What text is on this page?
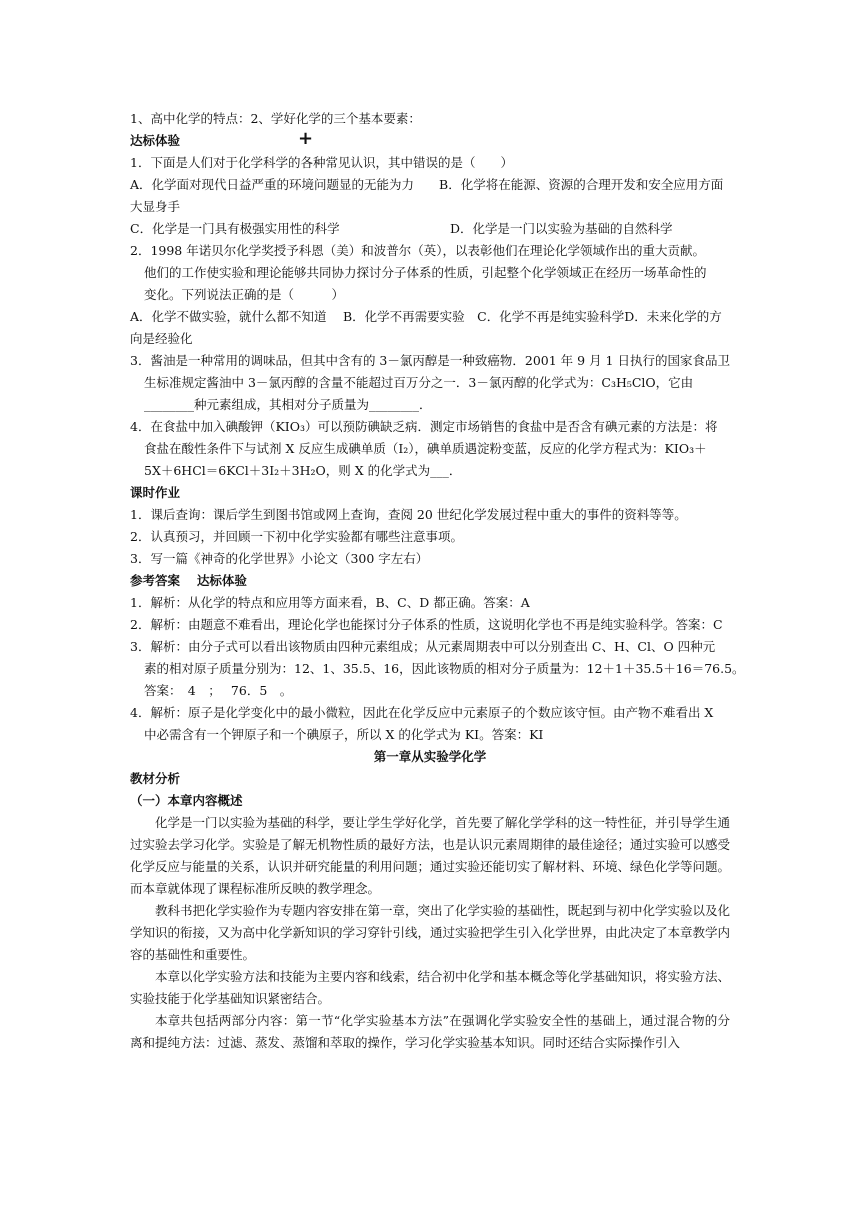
+
1、高中化学的特点：2、学好化学的三个基本要素：
达标体验
1．下面是人们对于化学科学的各种常见认识，其中错误的是（　　）
A．化学面对现代日益严重的环境问题显的无能为力　　B．化学将在能源、资源的合理开发和安全应用方面大显身手
C．化学是一门具有极强实用性的科学	D．化学是一门以实验为基础的自然科学
2．1998 年诺贝尔化学奖授予科恩（美）和波普尔（英），以表彰他们在理论化学领域作出的重大贡献。
他们的工作使实验和理论能够共同协力探讨分子体系的性质，引起整个化学领域正在经历一场革命性的
变化。下列说法正确的是（　　　）
A．化学不做实验，就什么都不知道　 B．化学不再需要实验　C．化学不再是纯实验科学D．未来化学的方向是经验化
3．酱油是一种常用的调味品，但其中含有的 3－氯丙醇是一种致癌物．2001 年 9 月 1 日执行的国家食品卫
生标准规定酱油中 3－氯丙醇的含量不能超过百万分之一．3－氯丙醇的化学式为：C₃H₅ClO，它由
________种元素组成，其相对分子质量为________．
4．在食盐中加入碘酸钾（KIO₃）可以预防碘缺乏病．测定市场销售的食盐中是否含有碘元素的方法是：将
食盐在酸性条件下与试剂 X 反应生成碘单质（I₂），碘单质遇淀粉变蓝，反应的化学方程式为：KIO₃＋
5X＋6HCl＝6KCl＋3I₂＋3H₂O，则 X 的化学式为___．
课时作业
1．课后查询：课后学生到图书馆或网上查询，查阅 20 世纪化学发展过程中重大的事件的资料等等。
2．认真预习，并回顾一下初中化学实验都有哪些注意事项。
3．写一篇《神奇的化学世界》小论文（300 字左右）
参考答案　 达标体验
1．解析：从化学的特点和应用等方面来看，B、C、D 都正确。答案：A
2．解析：由题意不难看出，理论化学也能探讨分子体系的性质，这说明化学也不再是纯实验科学。答案：C
3．解析：由分子式可以看出该物质由四种元素组成；从元素周期表中可以分别查出 C、H、Cl、O 四种元
素的相对原子质量分别为：12、1、35.5、16，因此该物质的相对分子质量为：12＋1＋35.5＋16＝76.5。
答案：　4　；　 76．5　。
4．解析：原子是化学变化中的最小微粒，因此在化学反应中元素原子的个数应该守恒。由产物不难看出 X
中必需含有一个钾原子和一个碘原子，所以 X 的化学式为 KI。答案：KI
第一章从实验学化学
教材分析
（一）本章内容概述
化学是一门以实验为基础的科学，要让学生学好化学，首先要了解化学学科的这一特性征，并引导学生通过实验去学习化学。实验是了解无机物性质的最好方法，也是认识元素周期律的最佳途径；通过实验可以感受化学反应与能量的关系，认识并研究能量的利用问题；通过实验还能切实了解材料、环境、绿色化学等问题。而本章就体现了课程标准所反映的教学理念。
教科书把化学实验作为专题内容安排在第一章，突出了化学实验的基础性，既起到与初中化学实验以及化学知识的衔接，又为高中化学新知识的学习穿针引线，通过实验把学生引入化学世界，由此决定了本章教学内容的基础性和重要性。
本章以化学实验方法和技能为主要内容和线索，结合初中化学和基本概念等化学基础知识，将实验方法、实验技能于化学基础知识紧密结合。
本章共包括两部分内容：第一节“化学实验基本方法”在强调化学实验安全性的基础上，通过混合物的分离和提纯方法：过滤、蒸发、蒸馏和萃取的操作，学习化学实验基本知识。同时还结合实际操作引入
